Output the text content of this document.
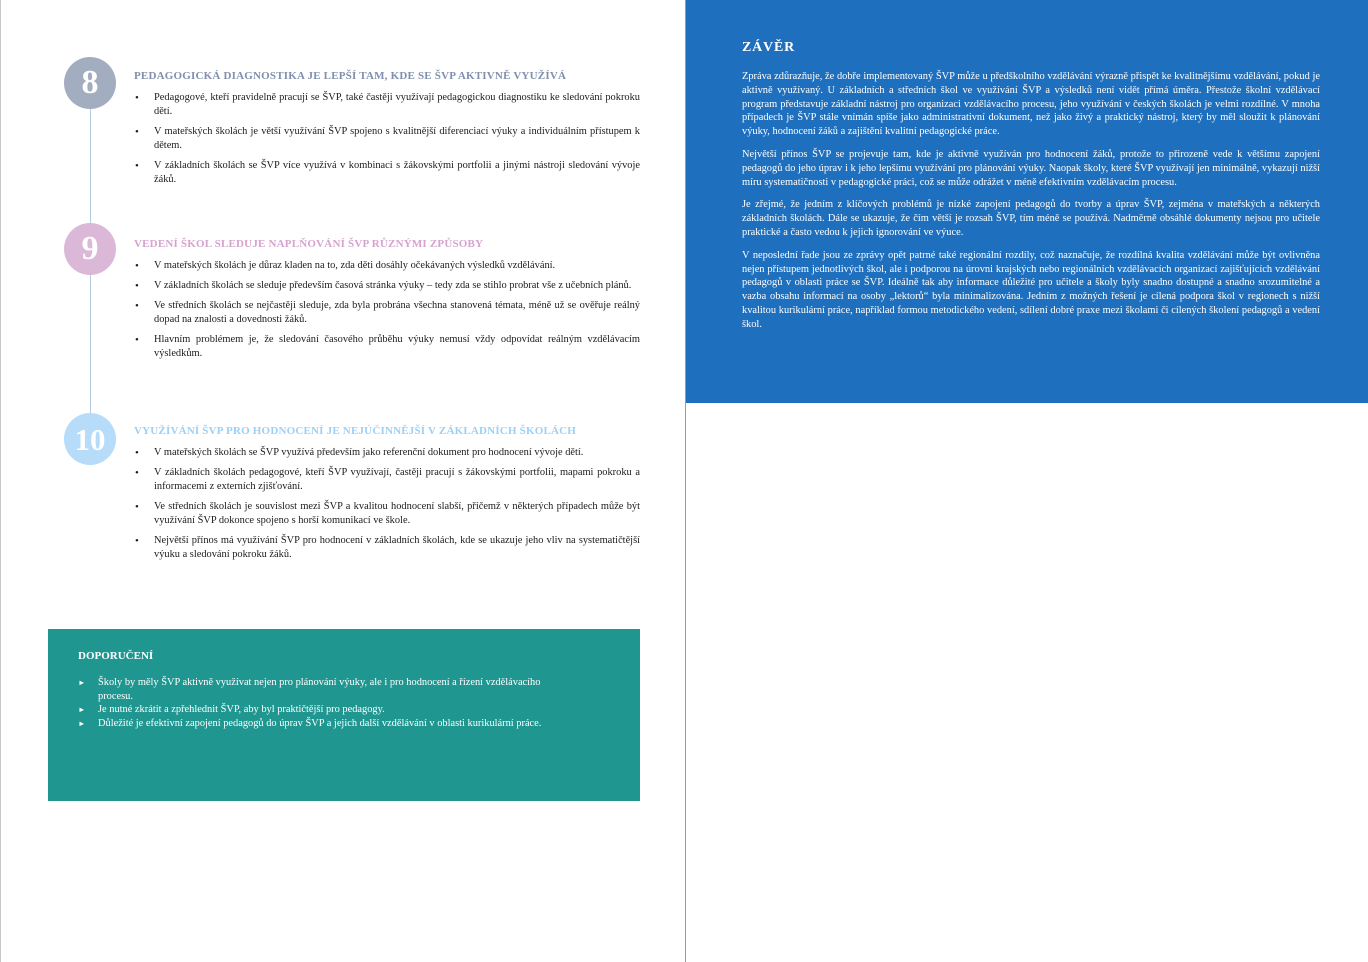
8
9
10
PEDAGOGICKÁ DIAGNOSTIKA JE LEPŠÍ TAM, KDE SE ŠVP AKTIVNĚ VYUŽÍVÁ
• Pedagogové, kteří pravidelně pracují se ŠVP, také častěji využívají pedagogickou diagnostiku ke sledování pokroku dětí.
• V mateřských školách je větší využívání ŠVP spojeno s kvalitnější diferenciací výuky a individuálním přístupem k dětem.
• V základních školách se ŠVP více využívá v kombinaci s žákovskými portfolii a jinými nástroji sledování vývoje žáků.
VEDENÍ ŠKOL SLEDUJE NAPLŇOVÁNÍ ŠVP RŮZNÝMI ZPŮSOBY
• V mateřských školách je důraz kladen na to, zda děti dosáhly očekávaných výsledků vzdělávání.
• V základních školách se sleduje především časová stránka výuky – tedy zda se stihlo probrat vše z učebních plánů.
• Ve středních školách se nejčastěji sleduje, zda byla probrána všechna stanovená témata, méně už se ověřuje reálný dopad na znalosti a dovednosti žáků.
• Hlavním problémem je, že sledování časového průběhu výuky nemusí vždy odpovídat reálným vzdělávacím výsledkům.
VYUŽÍVÁNÍ ŠVP PRO HODNOCENÍ JE NEJÚČINNĚJŠÍ V ZÁKLADNÍCH ŠKOLÁCH
• V mateřských školách se ŠVP využívá především jako referenční dokument pro hodnocení vývoje dětí.
• V základních školách pedagogové, kteří ŠVP využívají, častěji pracují s žákovskými portfolii, mapami pokroku a informacemi z externích zjišťování.
• Ve středních školách je souvislost mezi ŠVP a kvalitou hodnocení slabší, přičemž v některých případech může být využívání ŠVP dokonce spojeno s horší komunikací ve škole.
• Největší přínos má využívání ŠVP pro hodnocení v základních školách, kde se ukazuje jeho vliv na systematičtější výuku a sledování pokroku žáků.
DOPORUČENÍ
► Školy by měly ŠVP aktivně využívat nejen pro plánování výuky, ale i pro hodnocení a řízení vzdělávacího procesu.
► Je nutné zkrátit a zpřehlednit ŠVP, aby byl praktičtější pro pedagogy.
► Důležité je efektivní zapojení pedagogů do úprav ŠVP a jejich další vzdělávání v oblasti kurikulární práce.
ZÁVĚR

Zpráva zdůrazňuje, že dobře implementovaný ŠVP může u předškolního vzdělávání výrazně přispět ke kvalitnějšímu vzdělávání, pokud je aktivně využívaný. U základních a středních škol ve využívání ŠVP a výsledků není vidět přímá úměra. Přestože školní vzdělávací program představuje základní nástroj pro organizaci vzdělávacího procesu, jeho využívání v českých školách je velmi rozdílné. V mnoha případech je ŠVP stále vnímán spíše jako administrativní dokument, než jako živý a praktický nástroj, který by měl sloužit k plánování výuky, hodnocení žáků a zajištění kvalitní pedagogické práce.

Největší přínos ŠVP se projevuje tam, kde je aktivně využíván pro hodnocení žáků, protože to přirozeně vede k většímu zapojení pedagogů do jeho úprav i k jeho lepšímu využívání pro plánování výuky. Naopak školy, které ŠVP využívají jen minimálně, vykazují nižší míru systematičnosti v pedagogické práci, což se může odrážet v méně efektivním vzdělávacím procesu.

Je zřejmé, že jedním z klíčových problémů je nízké zapojení pedagogů do tvorby a úprav ŠVP, zejména v mateřských a některých základních školách. Dále se ukazuje, že čím větší je rozsah ŠVP, tím méně se používá. Nadměrně obsáhlé dokumenty nejsou pro učitele praktické a často vedou k jejich ignorování ve výuce.

V neposlední řade jsou ze zprávy opět patrné také regionální rozdíly, což naznačuje, že rozdílná kvalita vzdělávání může být ovlivněna nejen přístupem jednotlivých škol, ale i podporou na úrovni krajských nebo regionálních vzdělávacích organizací zajišťujících vzdělávání pedagogů v oblasti práce se ŠVP. Ideálně tak aby informace důležité pro učitele a školy byly snadno dostupné a snadno srozumitelné a vazba obsahu informací na osoby „lektorů“ byla minimalizována. Jedním z možných řešení je cílená podpora škol v regionech s nižší kvalitou kurikulární práce, například formou metodického vedení, sdílení dobré praxe mezi školami či cílených školení pedagogů a vedení škol.
